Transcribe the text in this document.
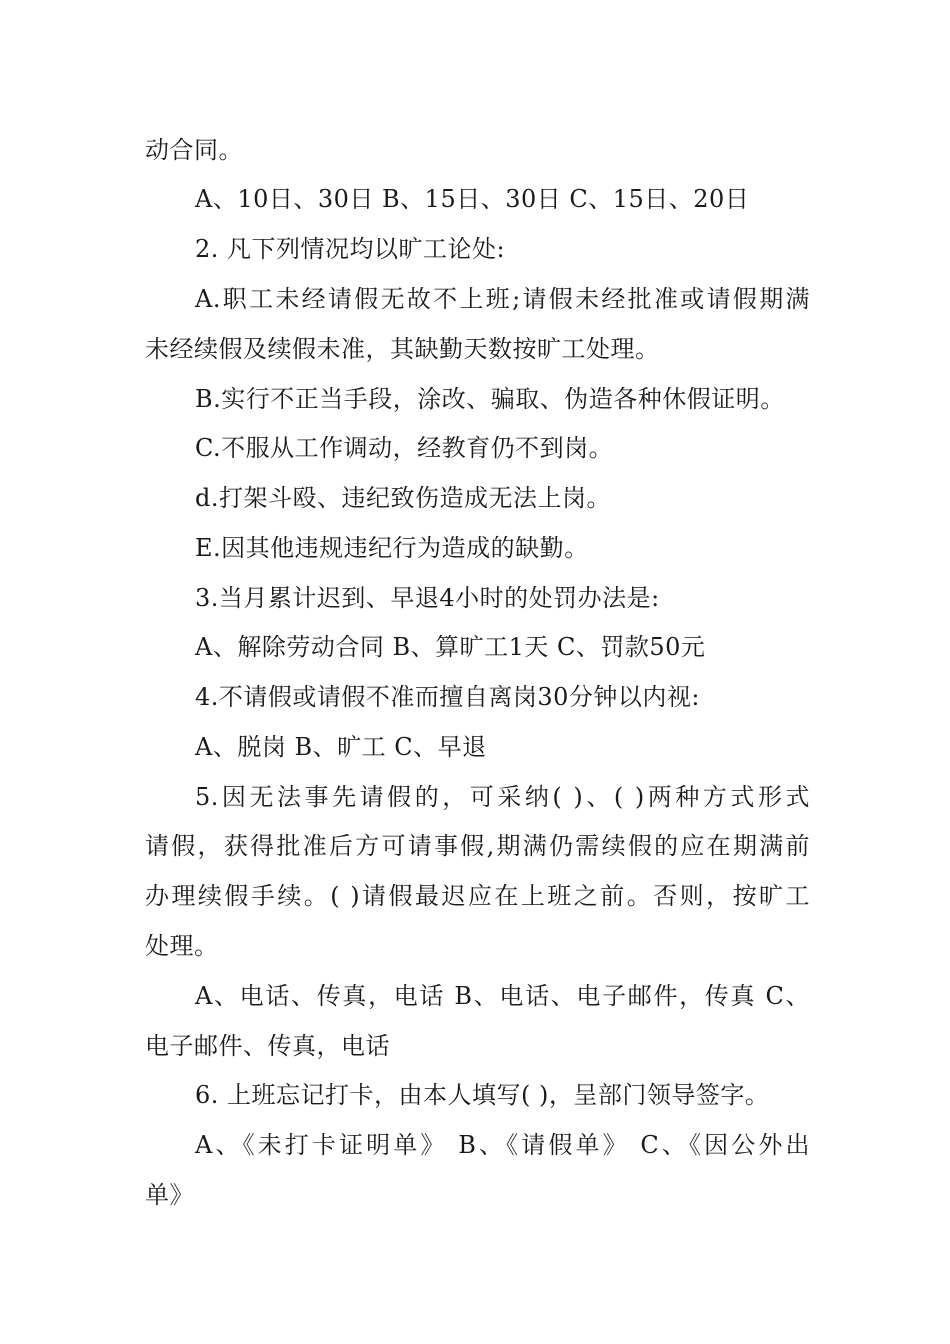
动合同。
A、10日、30日 B、15日、30日 C、15日、20日
2. 凡下列情况均以旷工论处:
A.职工未经请假无故不上班;请假未经批准或请假期满
未经续假及续假未准，其缺勤天数按旷工处理。
B.实行不正当手段，涂改、骗取、伪造各种休假证明。
C.不服从工作调动，经教育仍不到岗。
d.打架斗殴、违纪致伤造成无法上岗。
E.因其他违规违纪行为造成的缺勤。
3.当月累计迟到、早退4小时的处罚办法是:
A、解除劳动合同 B、算旷工1天 C、罚款50元
4.不请假或请假不准而擅自离岗30分钟以内视:
A、脱岗 B、旷工 C、早退
5.因无法事先请假的，可采纳( )、( )两种方式形式
请假，获得批准后方可请事假,期满仍需续假的应在期满前
办理续假手续。( )请假最迟应在上班之前。否则，按旷工
处理。
A、电话、传真，电话 B、电话、电子邮件，传真 C、
电子邮件、传真，电话
6. 上班忘记打卡，由本人填写( )，呈部门领导签字。
A、《未打卡证明单》 B、《请假单》 C、《因公外出
单》
